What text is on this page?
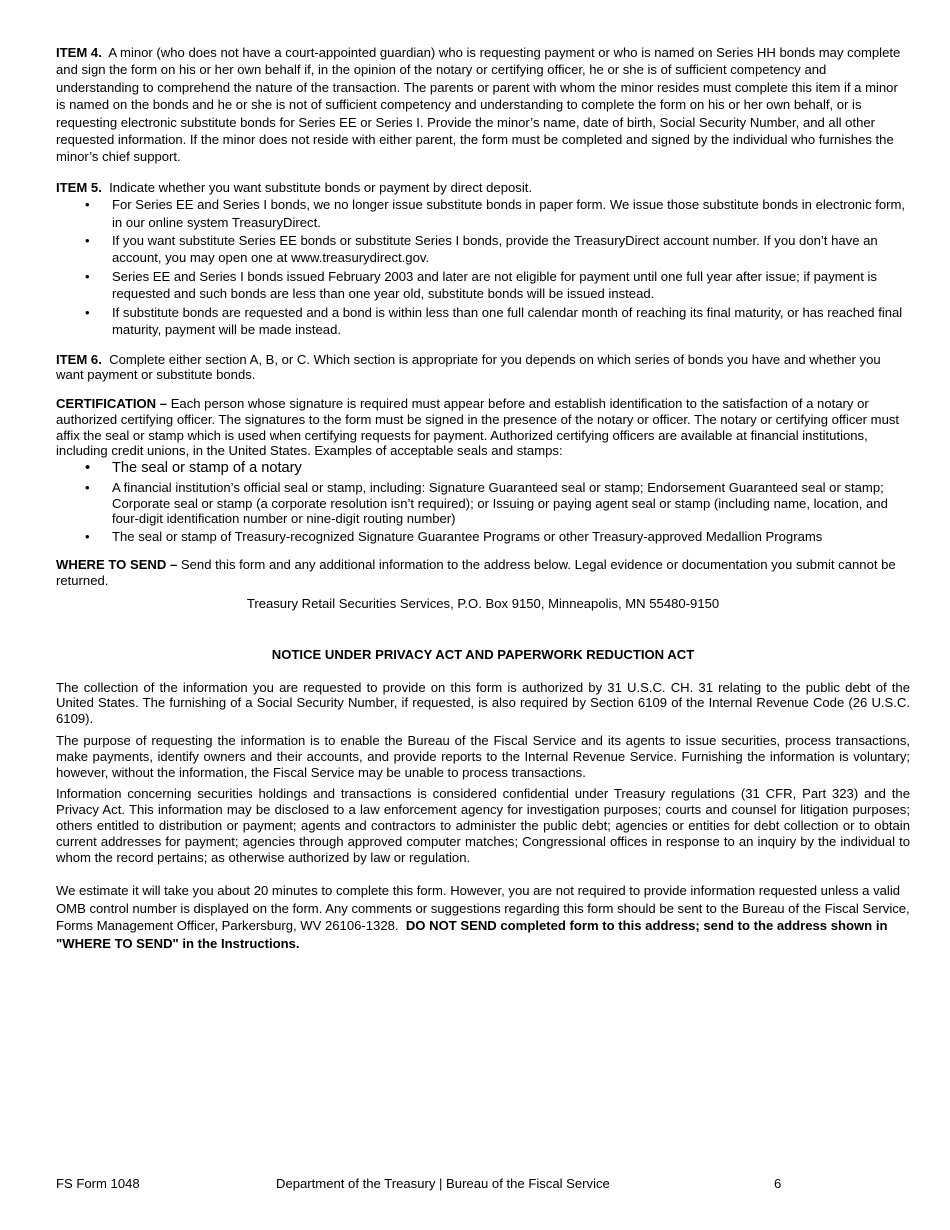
ITEM 4. A minor (who does not have a court-appointed guardian) who is requesting payment or who is named on Series HH bonds may complete and sign the form on his or her own behalf if, in the opinion of the notary or certifying officer, he or she is of sufficient competency and understanding to comprehend the nature of the transaction. The parents or parent with whom the minor resides must complete this item if a minor is named on the bonds and he or she is not of sufficient competency and understanding to complete the form on his or her own behalf, or is requesting electronic substitute bonds for Series EE or Series I. Provide the minor’s name, date of birth, Social Security Number, and all other requested information. If the minor does not reside with either parent, the form must be completed and signed by the individual who furnishes the minor’s chief support.

ITEM 5. Indicate whether you want substitute bonds or payment by direct deposit.

• For Series EE and Series I bonds, we no longer issue substitute bonds in paper form. We issue those substitute bonds in electronic form, in our online system TreasuryDirect.
• If you want substitute Series EE bonds or substitute Series I bonds, provide the TreasuryDirect account number. If you don’t have an account, you may open one at www.treasurydirect.gov.
• Series EE and Series I bonds issued February 2003 and later are not eligible for payment until one full year after issue; if payment is requested and such bonds are less than one year old, substitute bonds will be issued instead.
• If substitute bonds are requested and a bond is within less than one full calendar month of reaching its final maturity, or has reached final maturity, payment will be made instead.

ITEM 6. Complete either section A, B, or C. Which section is appropriate for you depends on which series of bonds you have and whether you want payment or substitute bonds.

CERTIFICATION – Each person whose signature is required must appear before and establish identification to the satisfaction of a notary or authorized certifying officer. The signatures to the form must be signed in the presence of the notary or officer. The notary or certifying officer must affix the seal or stamp which is used when certifying requests for payment. Authorized certifying officers are available at financial institutions, including credit unions, in the United States. Examples of acceptable seals and stamps:

• The seal or stamp of a notary
• A financial institution’s official seal or stamp, including: Signature Guaranteed seal or stamp; Endorsement Guaranteed seal or stamp; Corporate seal or stamp (a corporate resolution isn’t required); or Issuing or paying agent seal or stamp (including name, location, and four-digit identification number or nine-digit routing number)
• The seal or stamp of Treasury-recognized Signature Guarantee Programs or other Treasury-approved Medallion Programs

WHERE TO SEND – Send this form and any additional information to the address below. Legal evidence or documentation you submit cannot be returned.

Treasury Retail Securities Services, P.O. Box 9150, Minneapolis, MN 55480-9150

NOTICE UNDER PRIVACY ACT AND PAPERWORK REDUCTION ACT

The collection of the information you are requested to provide on this form is authorized by 31 U.S.C. CH. 31 relating to the public debt of the United States. The furnishing of a Social Security Number, if requested, is also required by Section 6109 of the Internal Revenue Code (26 U.S.C. 6109).

The purpose of requesting the information is to enable the Bureau of the Fiscal Service and its agents to issue securities, process transactions, make payments, identify owners and their accounts, and provide reports to the Internal Revenue Service. Furnishing the information is voluntary; however, without the information, the Fiscal Service may be unable to process transactions.

Information concerning securities holdings and transactions is considered confidential under Treasury regulations (31 CFR, Part 323) and the Privacy Act. This information may be disclosed to a law enforcement agency for investigation purposes; courts and counsel for litigation purposes; others entitled to distribution or payment; agents and contractors to administer the public debt; agencies or entities for debt collection or to obtain current addresses for payment; agencies through approved computer matches; Congressional offices in response to an inquiry by the individual to whom the record pertains; as otherwise authorized by law or regulation.

We estimate it will take you about 20 minutes to complete this form. However, you are not required to provide information requested unless a valid OMB control number is displayed on the form. Any comments or suggestions regarding this form should be sent to the Bureau of the Fiscal Service, Forms Management Officer, Parkersburg, WV 26106-1328. DO NOT SEND completed form to this address; send to the address shown in "WHERE TO SEND" in the Instructions.

FS Form 1048	Department of the Treasury | Bureau of the Fiscal Service	6
